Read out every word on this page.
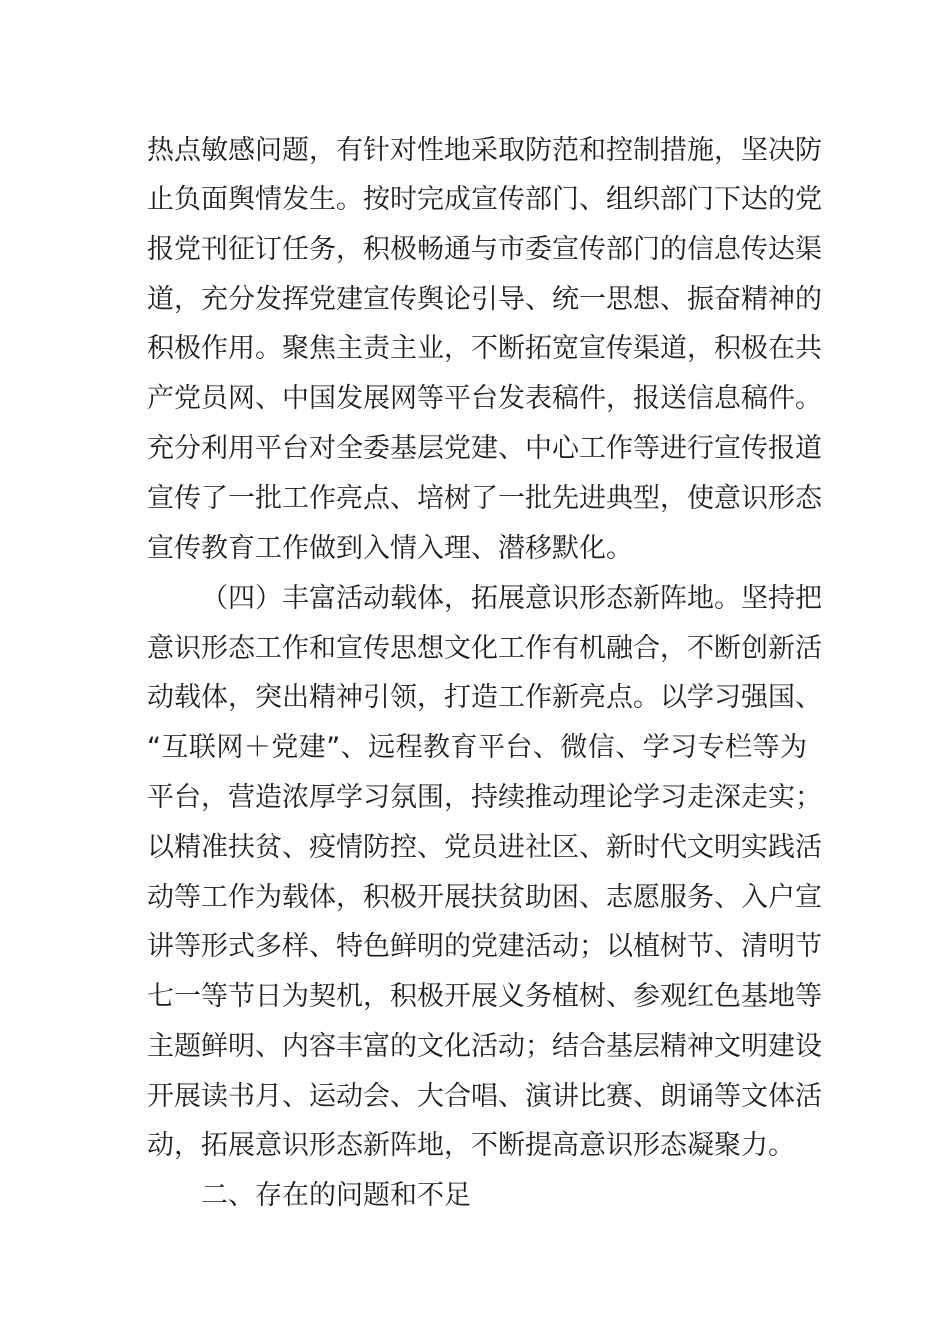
热点敏感问题，有针对性地采取防范和控制措施，坚决防
止负面舆情发生。按时完成宣传部门、组织部门下达的党
报党刊征订任务，积极畅通与市委宣传部门的信息传达渠
道，充分发挥党建宣传舆论引导、统一思想、振奋精神的
积极作用。聚焦主责主业，不断拓宽宣传渠道，积极在共
产党员网、中国发展网等平台发表稿件，报送信息稿件。
充分利用平台对全委基层党建、中心工作等进行宣传报道
宣传了一批工作亮点、培树了一批先进典型，使意识形态
宣传教育工作做到入情入理、潜移默化。
（四）丰富活动载体，拓展意识形态新阵地。坚持把
意识形态工作和宣传思想文化工作有机融合，不断创新活
动载体，突出精神引领，打造工作新亮点。以学习强国、
“互联网＋党建”、远程教育平台、微信、学习专栏等为
平台，营造浓厚学习氛围，持续推动理论学习走深走实；
以精准扶贫、疫情防控、党员进社区、新时代文明实践活
动等工作为载体，积极开展扶贫助困、志愿服务、入户宣
讲等形式多样、特色鲜明的党建活动；以植树节、清明节
七一等节日为契机，积极开展义务植树、参观红色基地等
主题鲜明、内容丰富的文化活动；结合基层精神文明建设
开展读书月、运动会、大合唱、演讲比赛、朗诵等文体活
动，拓展意识形态新阵地，不断提高意识形态凝聚力。
二、存在的问题和不足
